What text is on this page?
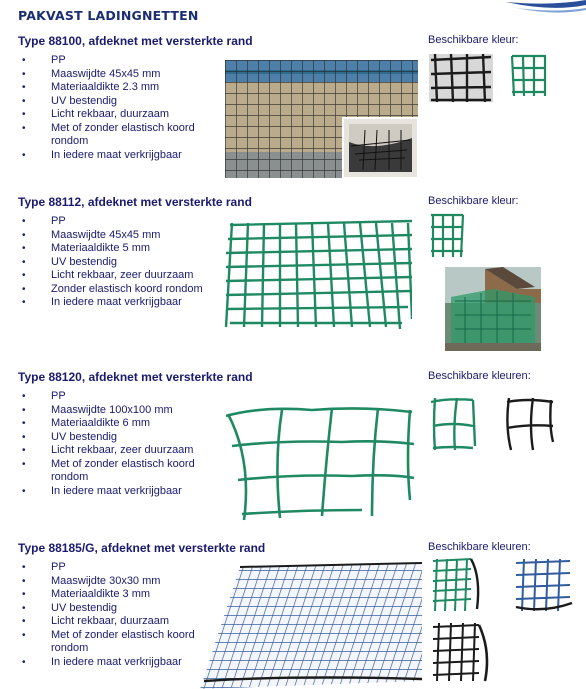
PAKVAST LADINGNETTEN
Type 88100, afdeknet met versterkte rand
• PP
• Maaswijdte 45x45 mm
• Materiaaldikte 2.3 mm
• UV bestendig
• Licht rekbaar, duurzaam
• Met of zonder elastisch koord rondom
• In iedere maat verkrijgbaar
Beschikbare kleur:
Type 88112, afdeknet met versterkte rand
• PP
• Maaswijdte 45x45 mm
• Materiaaldikte 5 mm
• UV bestendig
• Licht rekbaar, zeer duurzaam
• Zonder elastisch koord rondom
• In iedere maat verkrijgbaar
Beschikbare kleur:
Type 88120, afdeknet met versterkte rand
• PP
• Maaswijdte 100x100 mm
• Materiaaldikte 6 mm
• UV bestendig
• Licht rekbaar, zeer duurzaam
• Met of zonder elastisch koord rondom
• In iedere maat verkrijgbaar
Beschikbare kleuren:
Type 88185/G, afdeknet met versterkte rand
• PP
• Maaswijdte 30x30 mm
• Materiaaldikte 3 mm
• UV bestendig
• Licht rekbaar, duurzaam
• Met of zonder elastisch koord rondom
• In iedere maat verkrijgbaar
Beschikbare kleuren:
